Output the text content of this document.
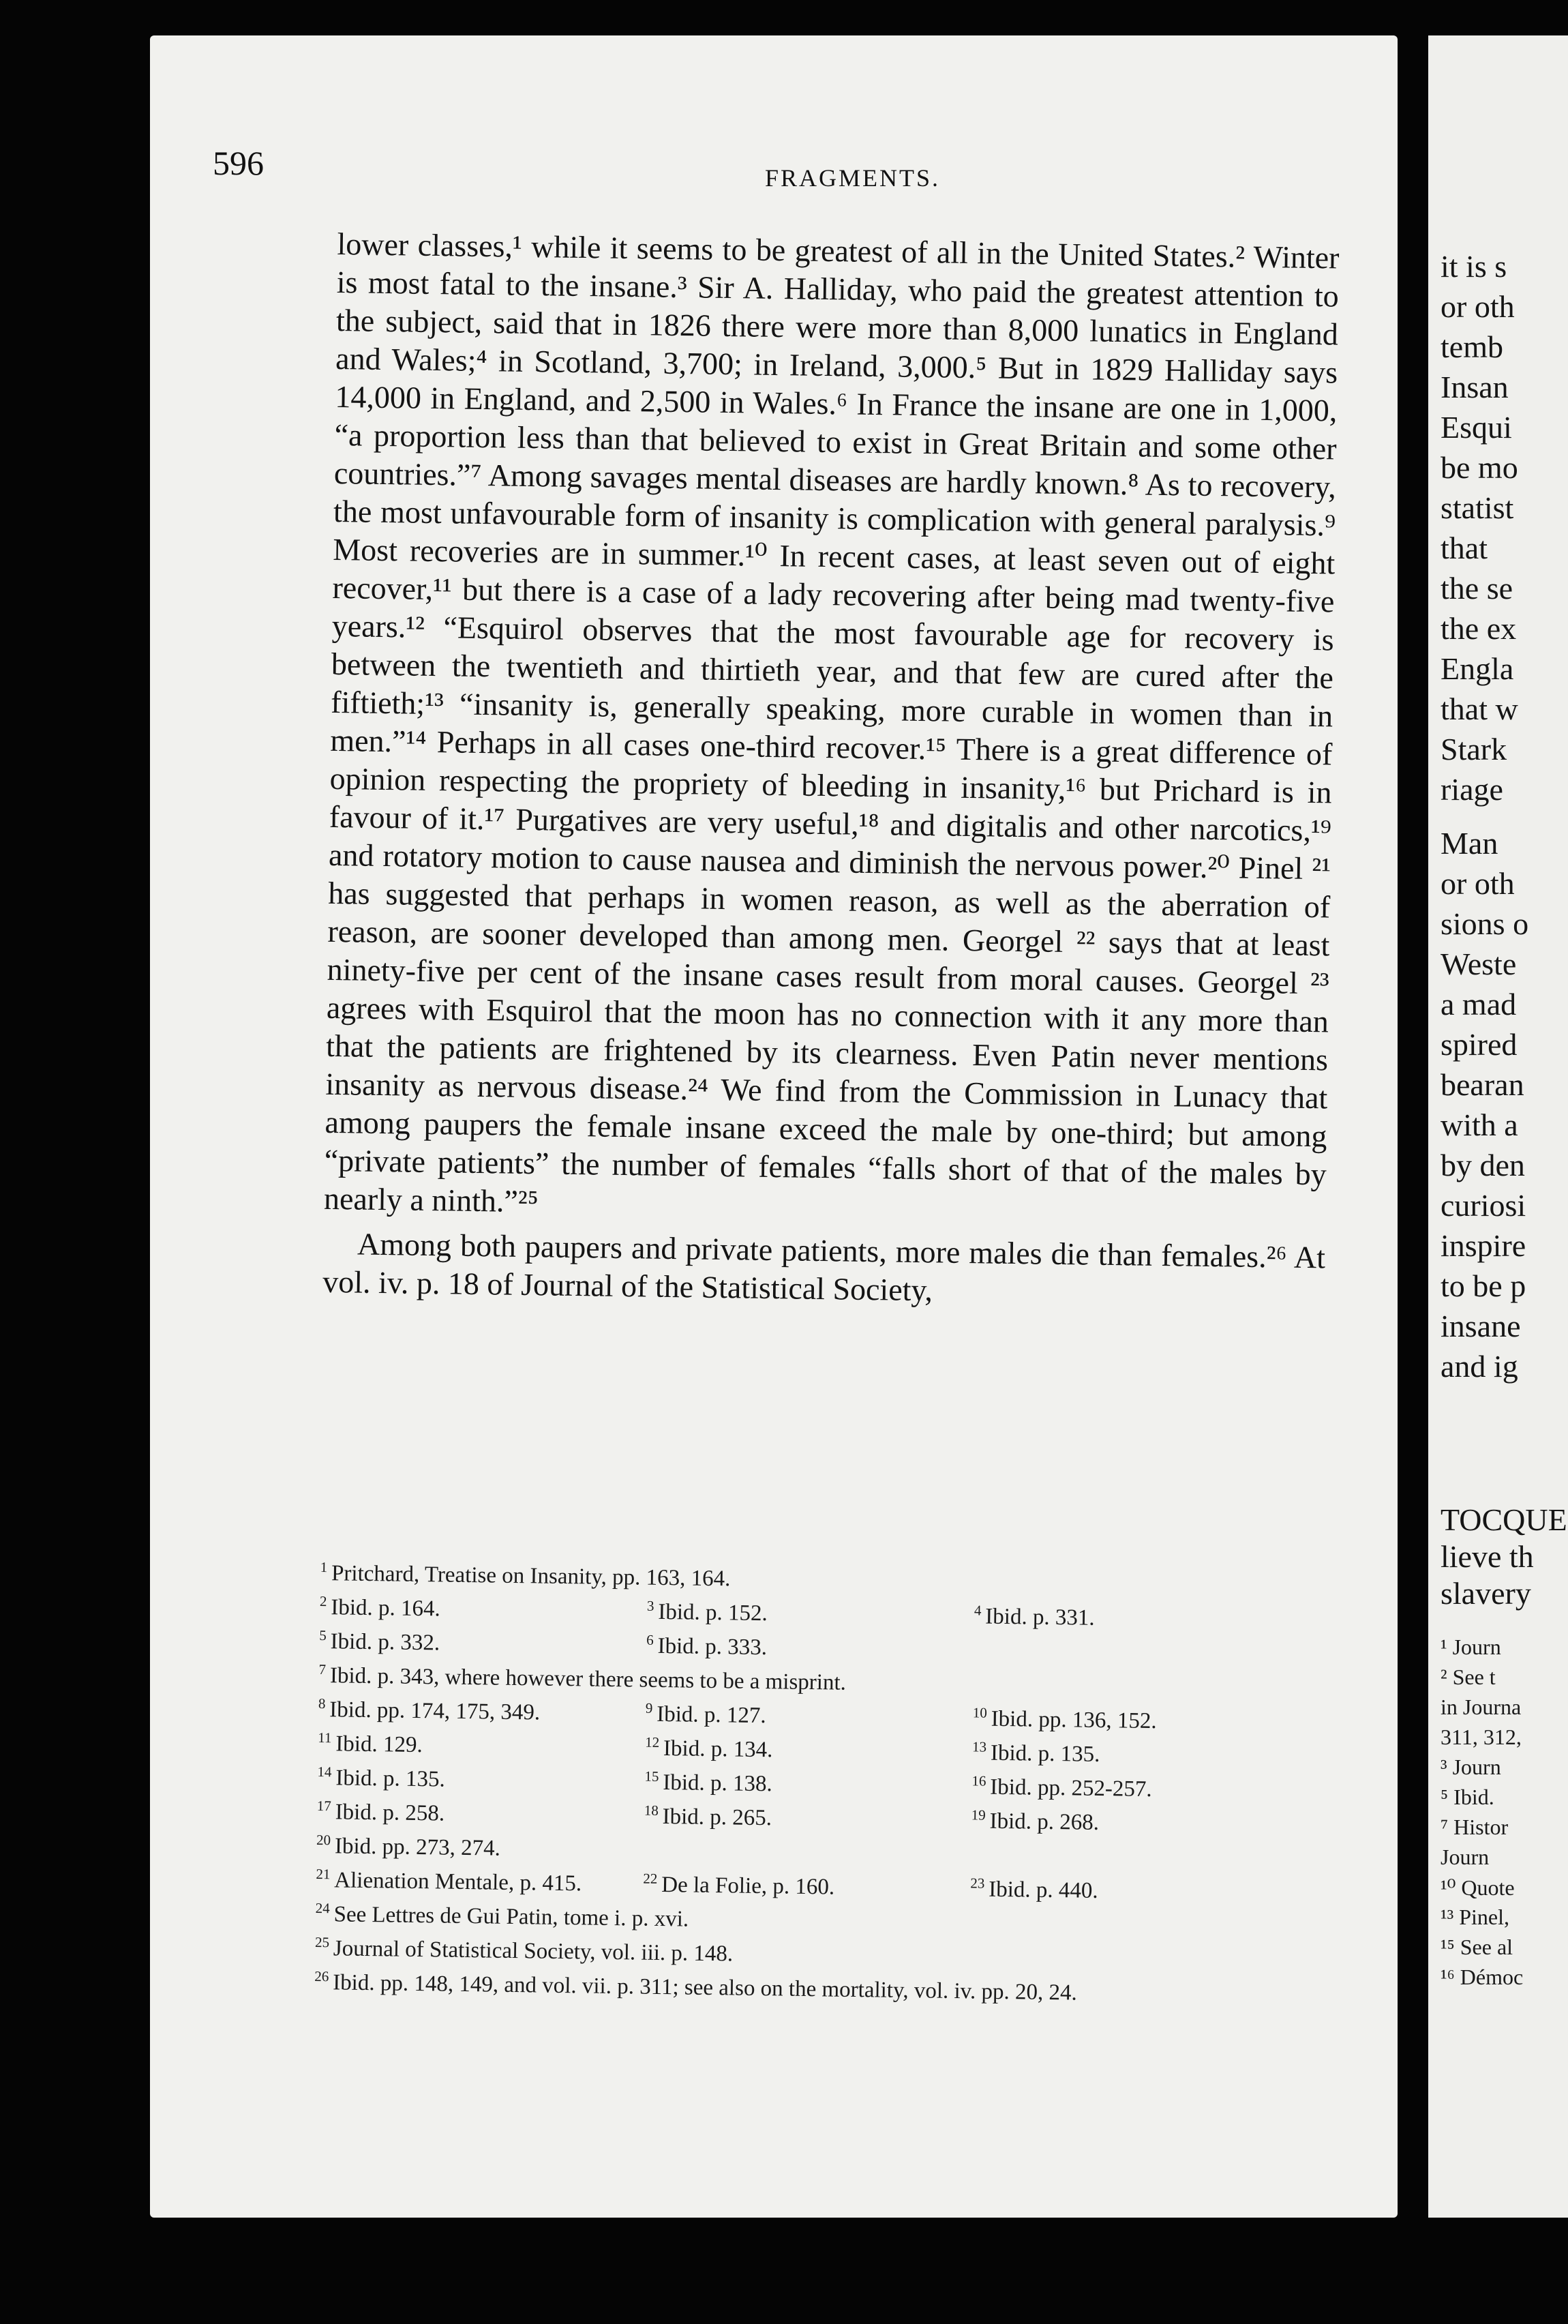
596	FRAGMENTS.

lower classes,¹ while it seems to be greatest of all in the United States.² Winter is most fatal to the insane.³ Sir A. Halliday, who paid the greatest attention to the subject, said that in 1826 there were more than 8,000 lunatics in England and Wales;⁴ in Scotland, 3,700; in Ireland, 3,000.⁵ But in 1829 Halliday says 14,000 in England, and 2,500 in Wales.⁶ In France the insane are one in 1,000, “a proportion less than that believed to exist in Great Britain and some other countries.”⁷ Among savages mental diseases are hardly known.⁸ As to recovery, the most unfavourable form of insanity is complication with general paralysis.⁹ Most recoveries are in summer.¹⁰ In recent cases, at least seven out of eight recover,¹¹ but there is a case of a lady recovering after being mad twenty-five years.¹² “Esquirol observes that the most favourable age for recovery is between the twentieth and thirtieth year, and that few are cured after the fiftieth;¹³ “insanity is, generally speaking, more curable in women than in men.”¹⁴ Perhaps in all cases one-third recover.¹⁵ There is a great difference of opinion respecting the propriety of bleeding in insanity,¹⁶ but Prichard is in favour of it.¹⁷ Purgatives are very useful,¹⁸ and digitalis and other narcotics,¹⁹ and rotatory motion to cause nausea and diminish the nervous power.²⁰ Pinel ²¹ has suggested that perhaps in women reason, as well as the aberration of reason, are sooner developed than among men. Georgel ²² says that at least ninety-five per cent of the insane cases result from moral causes. Georgel ²³ agrees with Esquirol that the moon has no connection with it any more than that the patients are frightened by its clearness. Even Patin never mentions insanity as nervous disease.²⁴ We find from the Commission in Lunacy that among paupers the female insane exceed the male by one-third; but among “private patients” the number of females “falls short of that of the males by nearly a ninth.”²⁵

Among both paupers and private patients, more males die than females.²⁶ At vol. iv. p. 18 of Journal of the Statistical Society,

$^1$ Pritchard, Treatise on Insanity, pp. 163, 164.
$^2$ Ibid. p. 164.	$^3$ Ibid. p. 152.	$^4$ Ibid. p. 331.
$^5$ Ibid. p. 332.	$^6$ Ibid. p. 333.
$^7$ Ibid. p. 343, where however there seems to be a misprint.
$^8$ Ibid. pp. 174, 175, 349.	$^9$ Ibid. p. 127.	$^{10}$ Ibid. pp. 136, 152.
$^{11}$ Ibid. 129.	$^{12}$ Ibid. p. 134.	$^{13}$ Ibid. p. 135.
$^{14}$ Ibid. p. 135.	$^{15}$ Ibid. p. 138.	$^{16}$ Ibid. pp. 252-257.
$^{17}$ Ibid. p. 258.	$^{18}$ Ibid. p. 265.	$^{19}$ Ibid. p. 268.
$^{20}$ Ibid. pp. 273, 274.
$^{21}$ Alienation Mentale, p. 415.	$^{22}$ De la Folie, p. 160.	$^{23}$ Ibid. p. 440.
$^{24}$ See Lettres de Gui Patin, tome i. p. xvi.
$^{25}$ Journal of Statistical Society, vol. iii. p. 148.
$^{26}$ Ibid. pp. 148, 149, and vol. vii. p. 311; see also on the mortality, vol. iv. pp. 20, 24.
it is s
or oth
temb
Insan
Esqui
be mo
statist
that
the se
the ex
Engla
that w
Stark
riage
Man
or oth
sions o
Weste
a mad
spired
bearan
with a
by den
curiosi
inspire
to be p
insane
and ig
TOCQUE
lieve th
slavery
¹ Journ
² See t
in Journa
311, 312,
³ Journ
⁵ Ibid.
⁷ Histor
Journ
¹⁰ Quote
¹³ Pinel,
¹⁵ See al
¹⁶ Démoc
